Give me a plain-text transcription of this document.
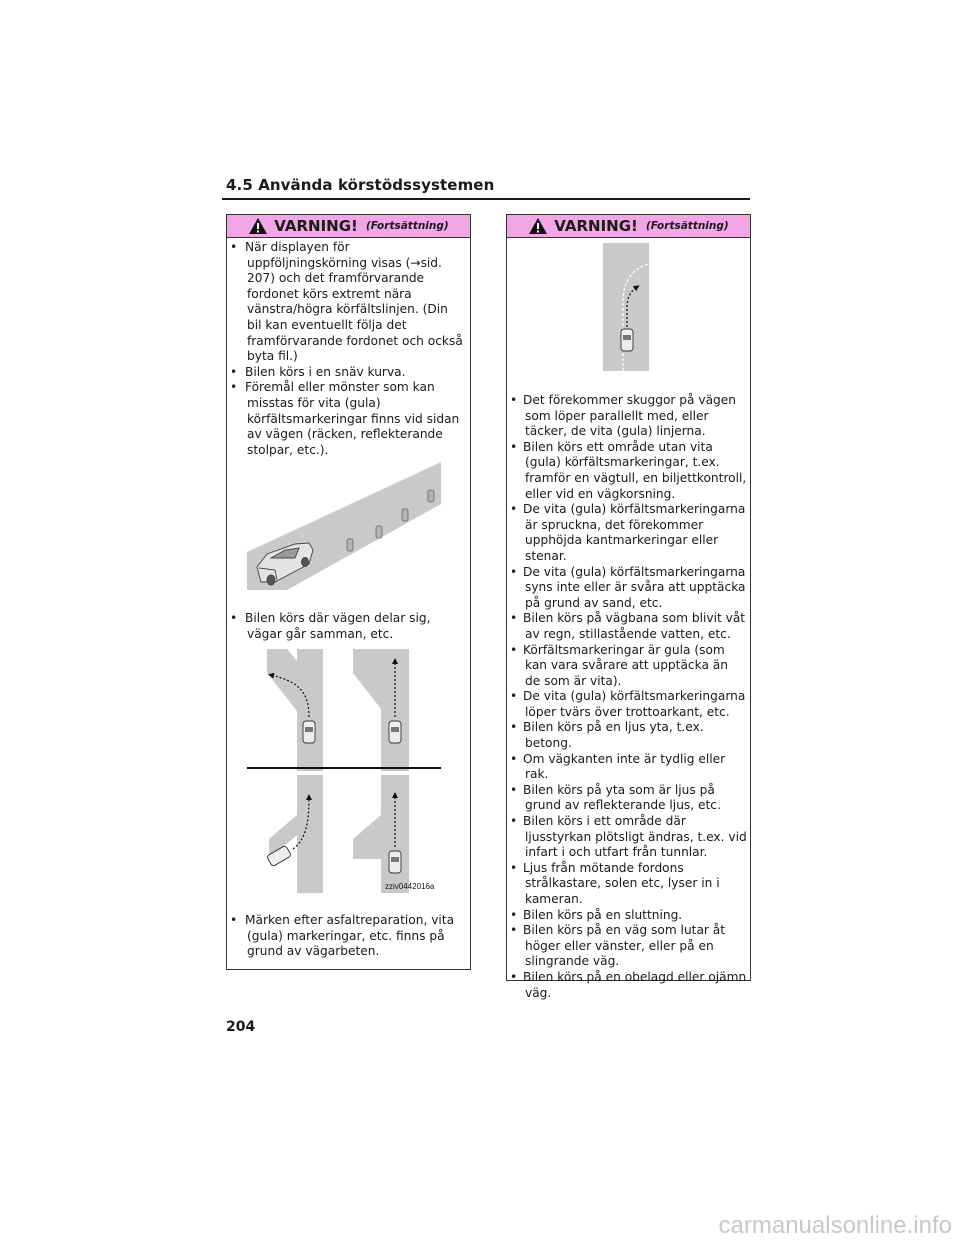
4.5 Använda körstödssystemen
VARNING! (Fortsättning)
• När displayen för uppföljningskörning visas (→sid. 207) och det framförvarande fordonet körs extremt nära vänstra/högra körfältslinjen. (Din bil kan eventuellt följa det framförvarande fordonet och också byta fil.)
• Bilen körs i en snäv kurva.
• Föremål eller mönster som kan misstas för vita (gula) körfältsmarkeringar finns vid sidan av vägen (räcken, reflekterande stolpar, etc.).
• Bilen körs där vägen delar sig, vägar går samman, etc.
zziv0442016a
• Märken efter asfaltreparation, vita (gula) markeringar, etc. finns på grund av vägarbeten.
VARNING! (Fortsättning)
• Det förekommer skuggor på vägen som löper parallellt med, eller täcker, de vita (gula) linjerna.
• Bilen körs ett område utan vita (gula) körfältsmarkeringar, t.ex. framför en vägtull, en biljettkontroll, eller vid en vägkorsning.
• De vita (gula) körfältsmarkeringarna är spruckna, det förekommer upphöjda kantmarkeringar eller stenar.
• De vita (gula) körfältsmarkeringarna syns inte eller är svåra att upptäcka på grund av sand, etc.
• Bilen körs på vägbana som blivit våt av regn, stillastående vatten, etc.
• Körfältsmarkeringar är gula (som kan vara svårare att upptäcka än de som är vita).
• De vita (gula) körfältsmarkeringarna löper tvärs över trottoarkant, etc.
• Bilen körs på en ljus yta, t.ex. betong.
• Om vägkanten inte är tydlig eller rak.
• Bilen körs på yta som är ljus på grund av reflekterande ljus, etc.
• Bilen körs i ett område där ljusstyrkan plötsligt ändras, t.ex. vid infart i och utfart från tunnlar.
• Ljus från mötande fordons strålkastare, solen etc, lyser in i kameran.
• Bilen körs på en sluttning.
• Bilen körs på en väg som lutar åt höger eller vänster, eller på en slingrande väg.
• Bilen körs på en obelagd eller ojämn väg.
204
carmanualsonline.info
